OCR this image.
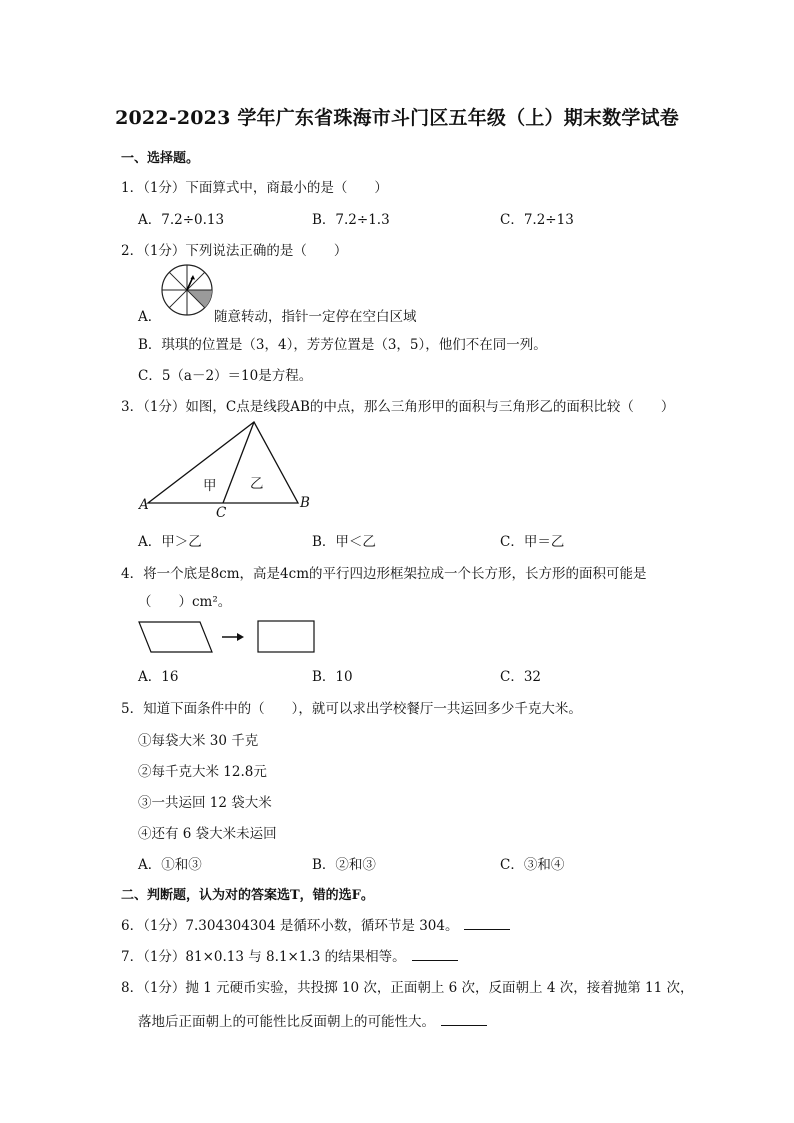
2022-2023 学年广东省珠海市斗门区五年级（上）期末数学试卷
一、选择题。
1．（1分）下面算式中，商最小的是（　　）
A．7.2÷0.13	B．7.2÷1.3	C．7.2÷13
2．（1分）下列说法正确的是（　　）
A．	随意转动，指针一定停在空白区域
B．琪琪的位置是（3，4），芳芳位置是（3，5），他们不在同一列。
C．5（a－2）＝10是方程。
3．（1分）如图，C点是线段AB的中点，那么三角形甲的面积与三角形乙的面积比较（　　）
A	B
C
甲 乙
A．甲＞乙	B．甲＜乙	C．甲＝乙
4．将一个底是8cm，高是4cm的平行四边形框架拉成一个长方形，长方形的面积可能是
（　　）cm²。
A．16	B．10	C．32
5．知道下面条件中的（　　），就可以求出学校餐厅一共运回多少千克大米。
①每袋大米 30 千克
②每千克大米 12.8元
③一共运回 12 袋大米
④还有 6 袋大米未运回
A．①和③	B．②和③	C．③和④
二、判断题，认为对的答案选T，错的选F。
6．（1分）7.304304304 是循环小数，循环节是 304。
7．（1分）81×0.13 与 8.1×1.3 的结果相等。
8．（1分）抛 1 元硬币实验，共投掷 10 次，正面朝上 6 次，反面朝上 4 次，接着抛第 11 次，
落地后正面朝上的可能性比反面朝上的可能性大。
